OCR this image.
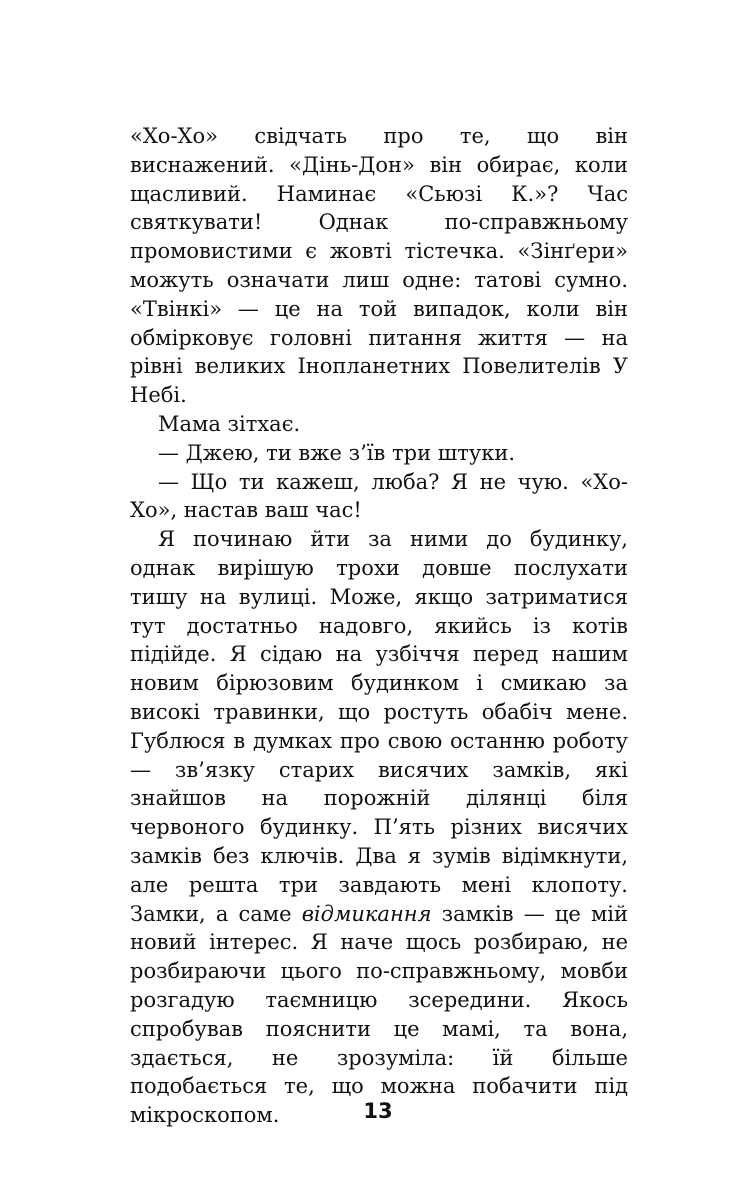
«Хо-Хо» свідчать про те, що він виснажений. «Дінь-Дон» він обирає, коли щасливий. Наминає «Сьюзі К.»? Час святкувати! Однак по-справжньому промовистими є жовті тістечка. «Зінґери» можуть означати лиш одне: татові сумно. «Твінкі» — це на той випадок, коли він обмірковує головні питання життя — на рівні великих Інопланетних Повелителів У Небі.

Мама зітхає.

— Джею, ти вже з’їв три штуки.

— Що ти кажеш, люба? Я не чую. «Хо-Хо», настав ваш час!

Я починаю йти за ними до будинку, однак вирішую трохи довше послухати тишу на вулиці. Може, якщо затриматися тут достатньо надовго, якийсь із котів підійде. Я сідаю на узбіччя перед нашим новим бірюзовим будинком і смикаю за високі травинки, що ростуть обабіч мене. Гублюся в думках про свою останню роботу — зв’язку старих висячих замків, які знайшов на порожній ділянці біля червоного будинку. П’ять різних висячих замків без ключів. Два я зумів відімкнути, але решта три завдають мені клопоту. Замки, а саме відмикання замків — це мій новий інтерес. Я наче щось розбираю, не розбираючи цього по-справжньому, мовби розгадую таємницю зсередини. Якось спробував пояснити це мамі, та вона, здається, не зрозуміла: їй більше подобається те, що можна побачити під мікроскопом.	13
